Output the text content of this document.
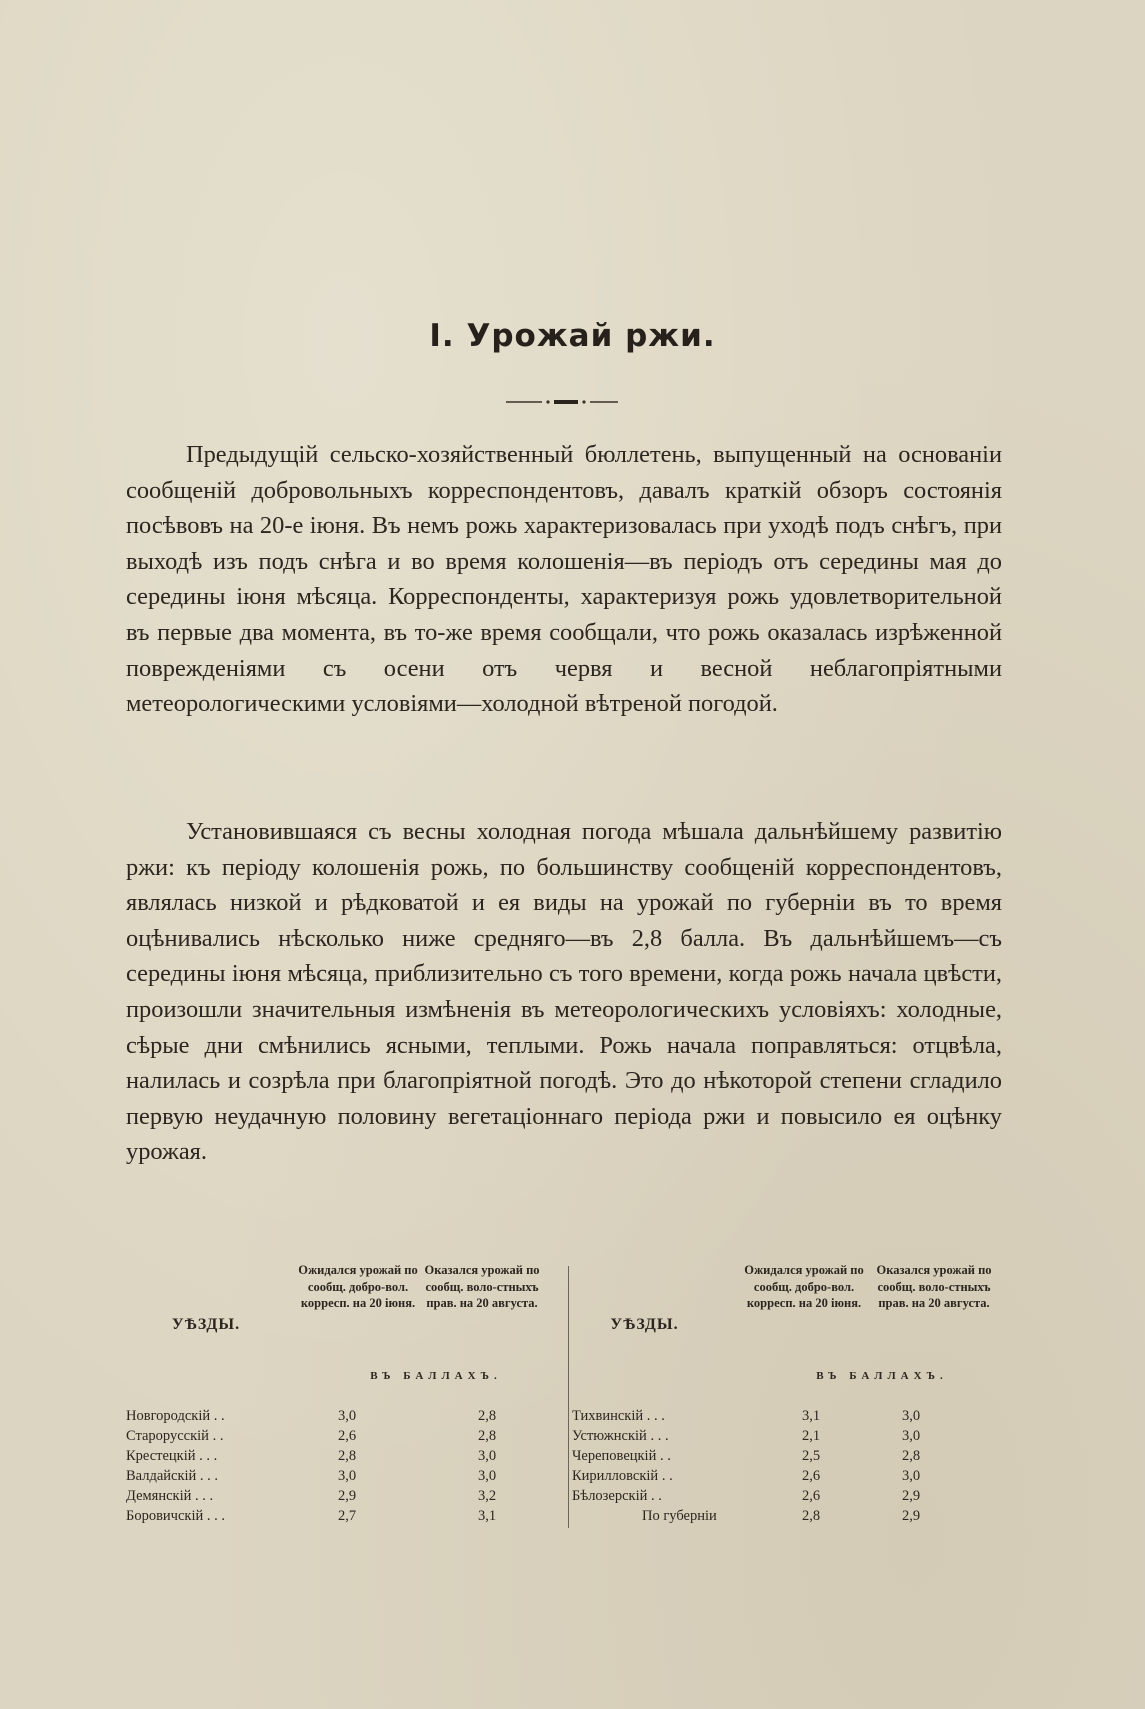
I. Урожай ржи.

Предыдущій сельско-хозяйственный бюллетень, выпущенный на основаніи сообщеній добровольныхъ корреспондентовъ, давалъ краткій обзоръ состоянія посѣвовъ на 20-е іюня. Въ немъ рожь характеризовалась при уходѣ подъ снѣгъ, при выходѣ изъ подъ снѣга и во время колошенія—въ періодъ отъ середины мая до середины іюня мѣсяца. Корреспонденты, характеризуя рожь удовлетворительной въ первые два момента, въ то-же время сообщали, что рожь оказалась изрѣженной поврежденіями съ осени отъ червя и весной неблагопріятными метеорологическими условіями—холодной вѣтреной погодой.

Установившаяся съ весны холодная погода мѣшала дальнѣйшему развитію ржи: къ періоду колошенія рожь, по большинству сообщеній корреспондентовъ, являлась низкой и рѣдковатой и ея виды на урожай по губерніи въ то время оцѣнивались нѣсколько ниже средняго—въ 2,8 балла. Въ дальнѣйшемъ—съ середины іюня мѣсяца, приблизительно съ того времени, когда рожь начала цвѣсти, произошли значительныя измѣненія въ метеорологическихъ условіяхъ: холодные, сѣрые дни смѣнились ясными, теплыми. Рожь начала поправляться: отцвѣла, налилась и созрѣла при благопріятной погодѣ. Это до нѣкоторой степени сгладило первую неудачную половину вегетаціоннаго періода ржи и повысило ея оцѣнку урожая.

УѢЗДЫ.
Ожидался урожай по сообщ. добро-вол. корресп. на 20 іюня.
Оказался урожай по сообщ. воло-стныхъ прав. на 20 августа.
ВЪ БАЛЛАХЪ.
Новгородскій . .	3,0	2,8
Старорусскій . .	2,6	2,8
Крестецкій . . .	2,8	3,0
Валдайскій . . .	3,0	3,0
Демянскій . . .	2,9	3,2
Боровичскій . . .	2,7	3,1
УѢЗДЫ.
Ожидался урожай по сообщ. добро-вол. корресп. на 20 іюня.
Оказался урожай по сообщ. воло-стныхъ прав. на 20 августа.
ВЪ БАЛЛАХЪ.
Тихвинскій . . .	3,1	3,0
Устюжнскій . . .	2,1	3,0
Череповецкій . .	2,5	2,8
Кирилловскій . .	2,6	3,0
Бѣлозерскій . .	2,6	2,9
По губерніи	2,8	2,9
